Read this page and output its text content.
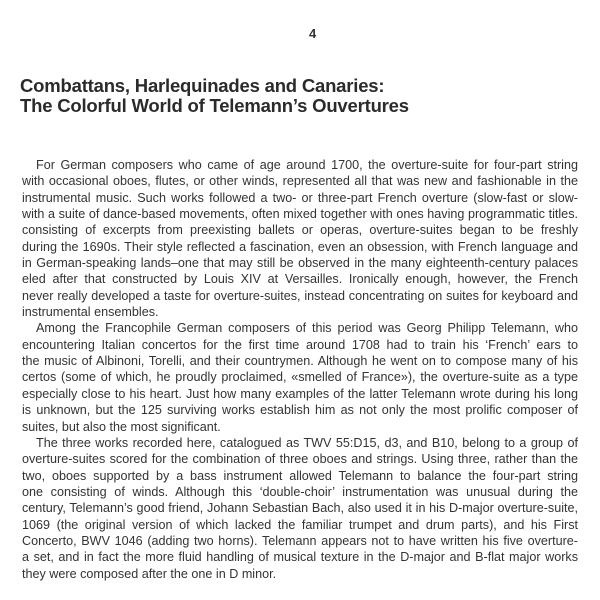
4
Combattans, Harlequinades and Canaries:
The Colorful World of Telemann’s Ouvertures
For German composers who came of age around 1700, the overture-suite for four-part string
with occasional oboes, flutes, or other winds, represented all that was new and fashionable in the
instrumental music. Such works followed a two- or three-part French overture (slow-fast or slow-
with a suite of dance-based movements, often mixed together with ones having programmatic titles.
consisting of excerpts from preexisting ballets or operas, overture-suites began to be freshly
during the 1690s. Their style reflected a fascination, even an obsession, with French language and
in German-speaking lands–one that may still be observed in the many eighteenth-century palaces
eled after that constructed by Louis XIV at Versailles. Ironically enough, however, the French
never really developed a taste for overture-suites, instead concentrating on suites for keyboard and
instrumental ensembles.
Among the Francophile German composers of this period was Georg Philipp Telemann, who
encountering Italian concertos for the first time around 1708 had to train his ‘French’ ears to
the music of Albinoni, Torelli, and their countrymen. Although he went on to compose many of his
certos (some of which, he proudly proclaimed, «smelled of France»), the overture-suite as a type
especially close to his heart. Just how many examples of the latter Telemann wrote during his long
is unknown, but the 125 surviving works establish him as not only the most prolific composer of
suites, but also the most significant.
The three works recorded here, catalogued as TWV 55:D15, d3, and B10, belong to a group of
overture-suites scored for the combination of three oboes and strings. Using three, rather than the
two, oboes supported by a bass instrument allowed Telemann to balance the four-part string
one consisting of winds. Although this ‘double-choir’ instrumentation was unusual during the
century, Telemann’s good friend, Johann Sebastian Bach, also used it in his D-major overture-suite,
1069 (the original version of which lacked the familiar trumpet and drum parts), and his First
Concerto, BWV 1046 (adding two horns). Telemann appears not to have written his five overture-
a set, and in fact the more fluid handling of musical texture in the D-major and B-flat major works
they were composed after the one in D minor.
